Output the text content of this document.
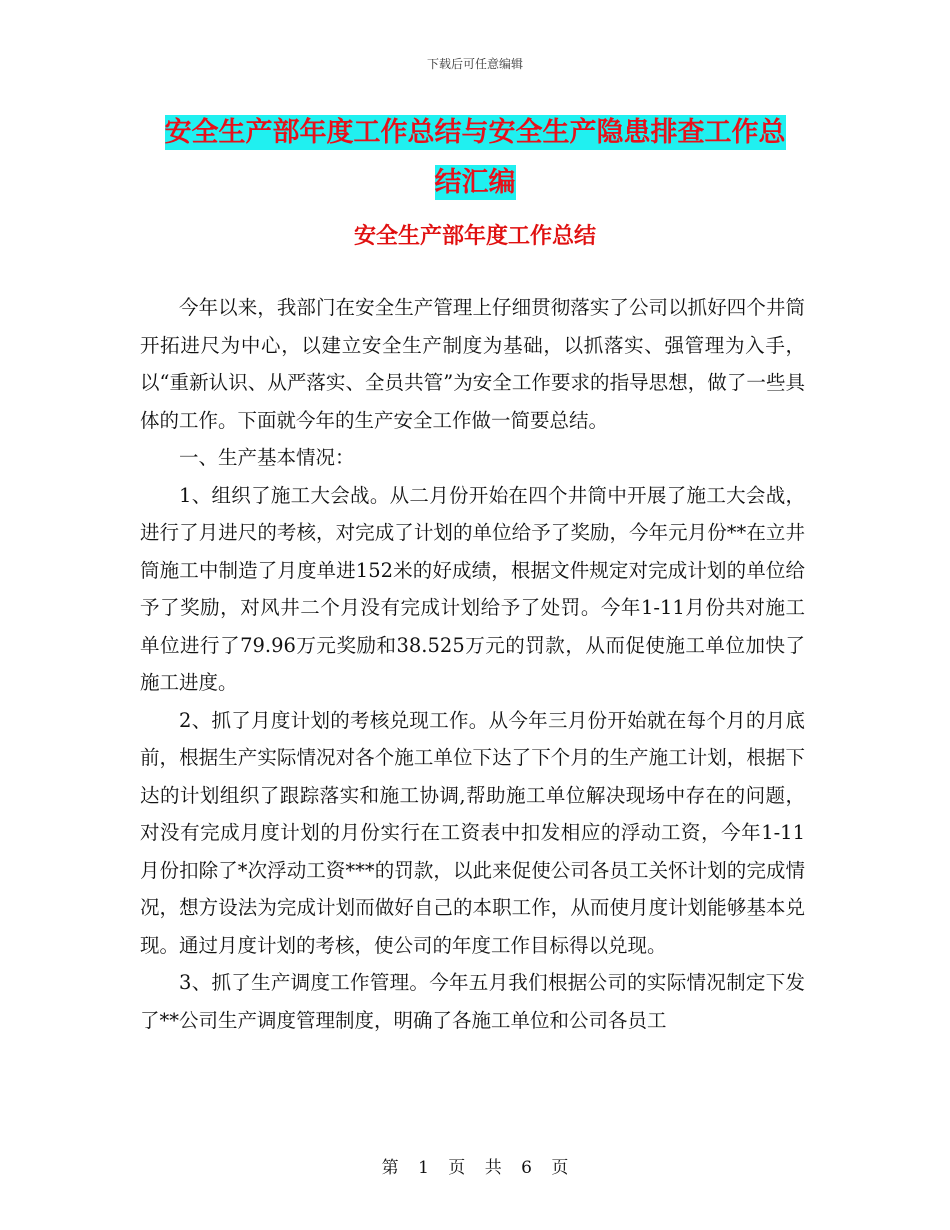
下载后可任意编辑
安全生产部年度工作总结与安全生产隐患排查工作总
结汇编
安全生产部年度工作总结

今年以来，我部门在安全生产管理上仔细贯彻落实了公司以抓好四个井筒开拓进尺为中心，以建立安全生产制度为基础，以抓落实、强管理为入手，以“重新认识、从严落实、全员共管”为安全工作要求的指导思想，做了一些具体的工作。下面就今年的生产安全工作做一简要总结。

一、生产基本情况：

1、组织了施工大会战。从二月份开始在四个井筒中开展了施工大会战，进行了月进尺的考核，对完成了计划的单位给予了奖励，今年元月份**在立井筒施工中制造了月度单进152米的好成绩，根据文件规定对完成计划的单位给予了奖励，对风井二个月没有完成计划给予了处罚。今年1-11月份共对施工单位进行了79.96万元奖励和38.525万元的罚款，从而促使施工单位加快了施工进度。

2、抓了月度计划的考核兑现工作。从今年三月份开始就在每个月的月底前，根据生产实际情况对各个施工单位下达了下个月的生产施工计划，根据下达的计划组织了跟踪落实和施工协调,帮助施工单位解决现场中存在的问题，对没有完成月度计划的月份实行在工资表中扣发相应的浮动工资，今年1-11月份扣除了*次浮动工资***的罚款，以此来促使公司各员工关怀计划的完成情况，想方设法为完成计划而做好自己的本职工作，从而使月度计划能够基本兑现。通过月度计划的考核，使公司的年度工作目标得以兑现。

3、抓了生产调度工作管理。今年五月我们根据公司的实际情况制定下发了**公司生产调度管理制度，明确了各施工单位和公司各员工

第 1 页 共 6 页
